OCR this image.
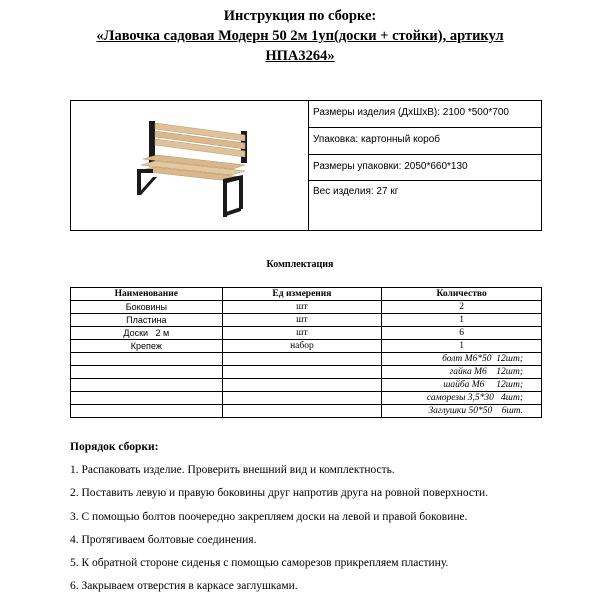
Инструкция по сборке:
«Лавочка садовая Модерн 50 2м 1уп(доски + стойки), артикул
НПА3264»
Размеры изделия (ДхШхВ): 2100 *500*700
Упаковка: картонный короб
Размеры упаковки: 2050*660*130
Вес изделия: 27 кг
Комплектация
Наименование	Ед измерения	Количество
Боковины	шт	2
Пластина	шт	1
Доски   2 м	шт	6
Крепеж	набор	1
		болт М6*50  12шт;
		гайка М6    12шт;
		шайба М6     12шт;
		саморезы 3,5*30   4шт;
		Заглушки 50*50    6шт.
Порядок сборки:
1. Распаковать изделие. Проверить внешний вид и комплектность.
2. Поставить левую и правую боковины друг напротив друга на ровной поверхности.
3. С помощью болтов поочередно закрепляем доски на левой и правой боковине.
4. Протягиваем болтовые соединения.
5. К обратной стороне сиденья с помощью саморезов прикрепляем пластину.
6. Закрываем отверстия в каркасе заглушками.
